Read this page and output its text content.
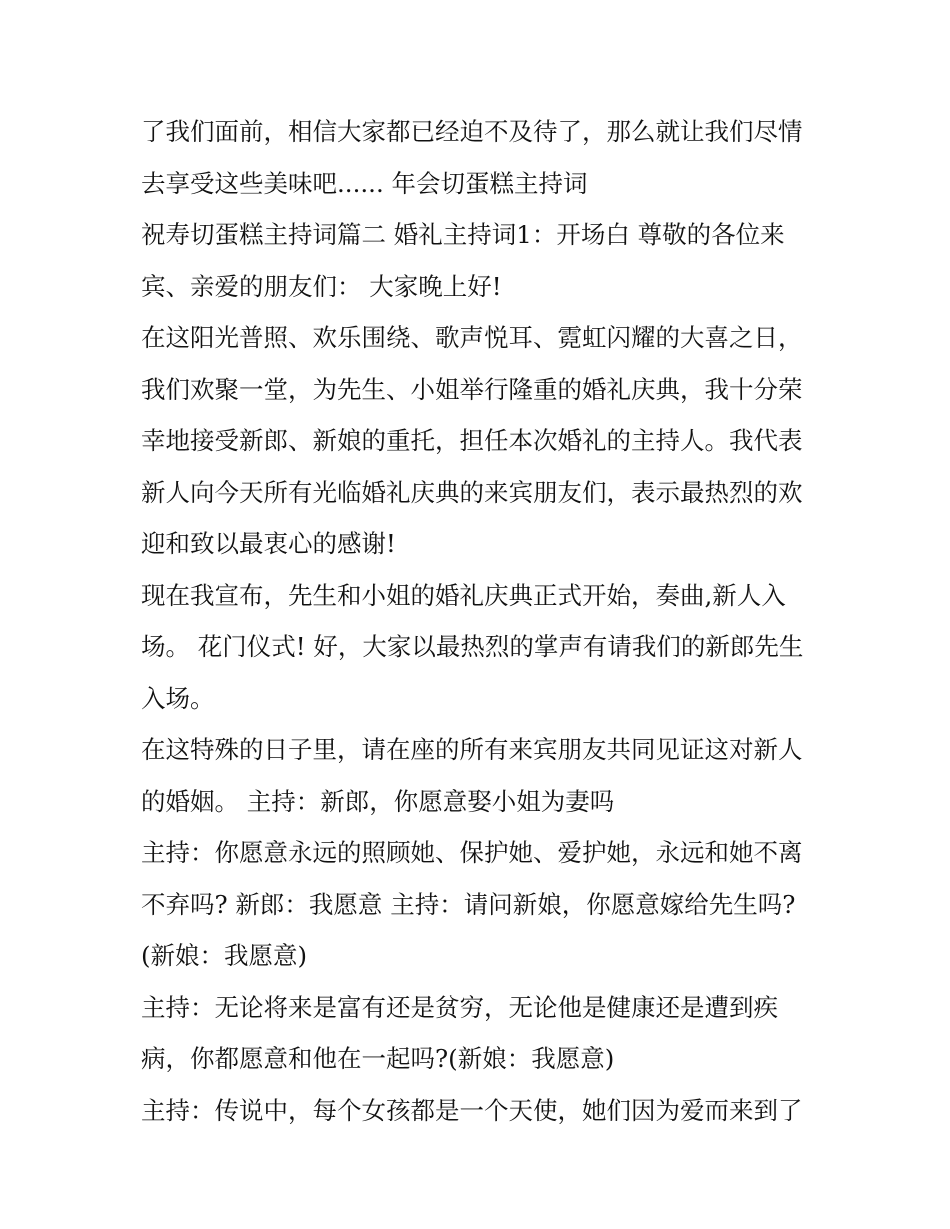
了我们面前，相信大家都已经迫不及待了，那么就让我们尽情
去享受这些美味吧...... 年会切蛋糕主持词
祝寿切蛋糕主持词篇二 婚礼主持词1：开场白 尊敬的各位来
宾、亲爱的朋友们： 大家晚上好!
在这阳光普照、欢乐围绕、歌声悦耳、霓虹闪耀的大喜之日，
我们欢聚一堂，为先生、小姐举行隆重的婚礼庆典，我十分荣
幸地接受新郎、新娘的重托，担任本次婚礼的主持人。我代表
新人向今天所有光临婚礼庆典的来宾朋友们，表示最热烈的欢
迎和致以最衷心的感谢!
现在我宣布，先生和小姐的婚礼庆典正式开始，奏曲,新人入
场。 花门仪式! 好，大家以最热烈的掌声有请我们的新郎先生
入场。
在这特殊的日子里，请在座的所有来宾朋友共同见证这对新人
的婚姻。 主持：新郎，你愿意娶小姐为妻吗
主持：你愿意永远的照顾她、保护她、爱护她，永远和她不离
不弃吗? 新郎：我愿意 主持：请问新娘，你愿意嫁给先生吗?
(新娘：我愿意)
主持：无论将来是富有还是贫穷，无论他是健康还是遭到疾
病，你都愿意和他在一起吗?(新娘：我愿意)
主持：传说中，每个女孩都是一个天使，她们因为爱而来到了
